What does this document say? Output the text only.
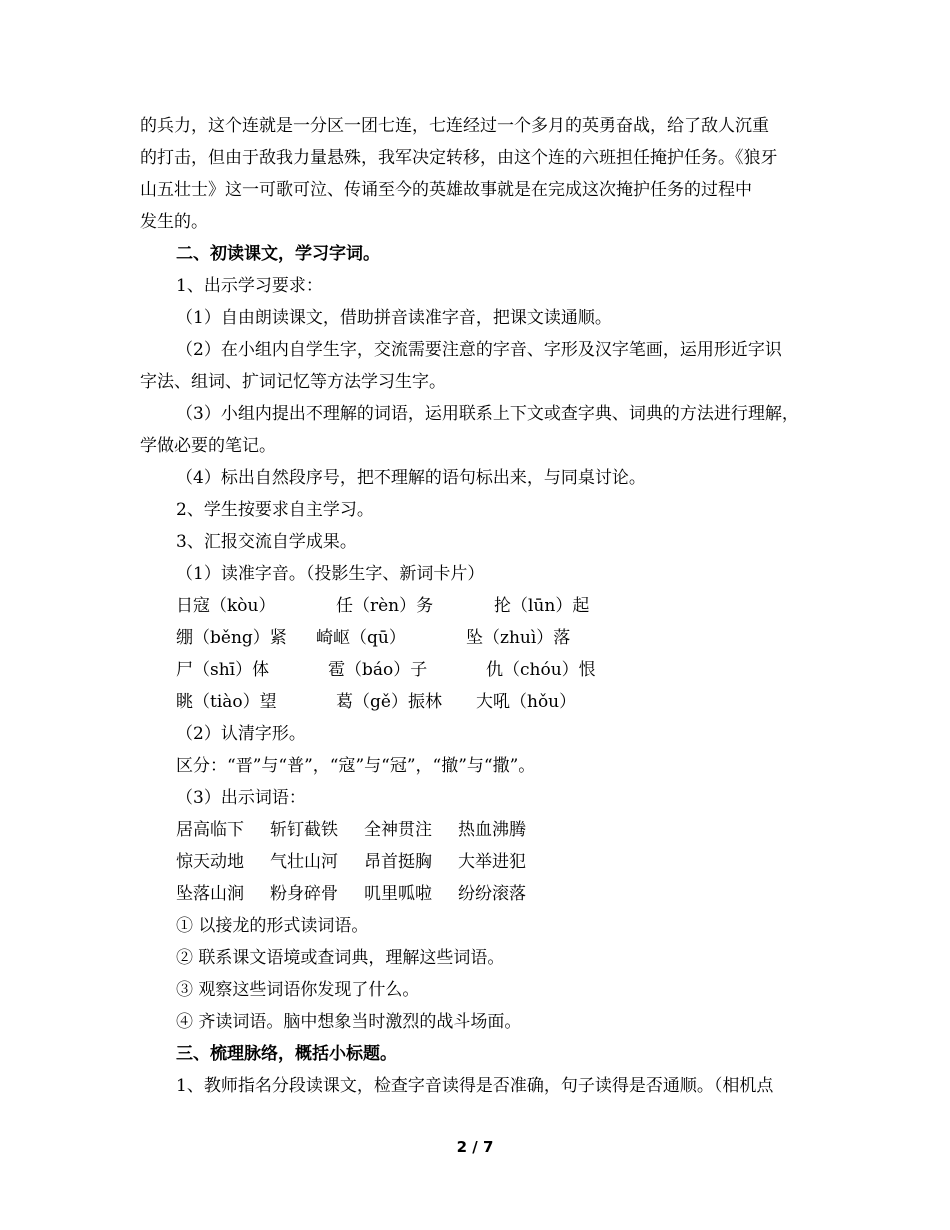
的兵力，这个连就是一分区一团七连，七连经过一个多月的英勇奋战，给了敌人沉重
的打击，但由于敌我力量悬殊，我军决定转移，由这个连的六班担任掩护任务。《狼牙
山五壮士》这一可歌可泣、传诵至今的英雄故事就是在完成这次掩护任务的过程中
发生的。
二、初读课文，学习字词。
1、出示学习要求：
（1）自由朗读课文，借助拼音读准字音，把课文读通顺。
（2）在小组内自学生字，交流需要注意的字音、字形及汉字笔画，运用形近字识
字法、组词、扩词记忆等方法学习生字。
（3）小组内提出不理解的词语，运用联系上下文或查字典、词典的方法进行理解，
学做必要的笔记。
（4）标出自然段序号，把不理解的语句标出来，与同桌讨论。
2、学生按要求自主学习。
3、汇报交流自学成果。
（1）读准字音。（投影生字、新词卡片）
日寇（kòu）	任（rèn）务	抡（lūn）起
绷（běng）紧 崎岖（qū）	坠（zhuì）落
尸（shī）体	雹（báo）子	仇（chóu）恨
眺（tiào）望	葛（gě）振林 大吼（hǒu）
（2）认清字形。
区分：“晋”与“普”，“寇”与“冠”，“撤”与“撒”。
（3）出示词语：
居高临下 斩钉截铁 全神贯注 热血沸腾
惊天动地 气壮山河 昂首挺胸 大举进犯
坠落山涧 粉身碎骨 叽里呱啦 纷纷滚落
① 以接龙的形式读词语。
② 联系课文语境或查词典，理解这些词语。
③ 观察这些词语你发现了什么。
④ 齐读词语。脑中想象当时激烈的战斗场面。
三、梳理脉络，概括小标题。
1、教师指名分段读课文，检查字音读得是否准确，句子读得是否通顺。（相机点
2 / 7
